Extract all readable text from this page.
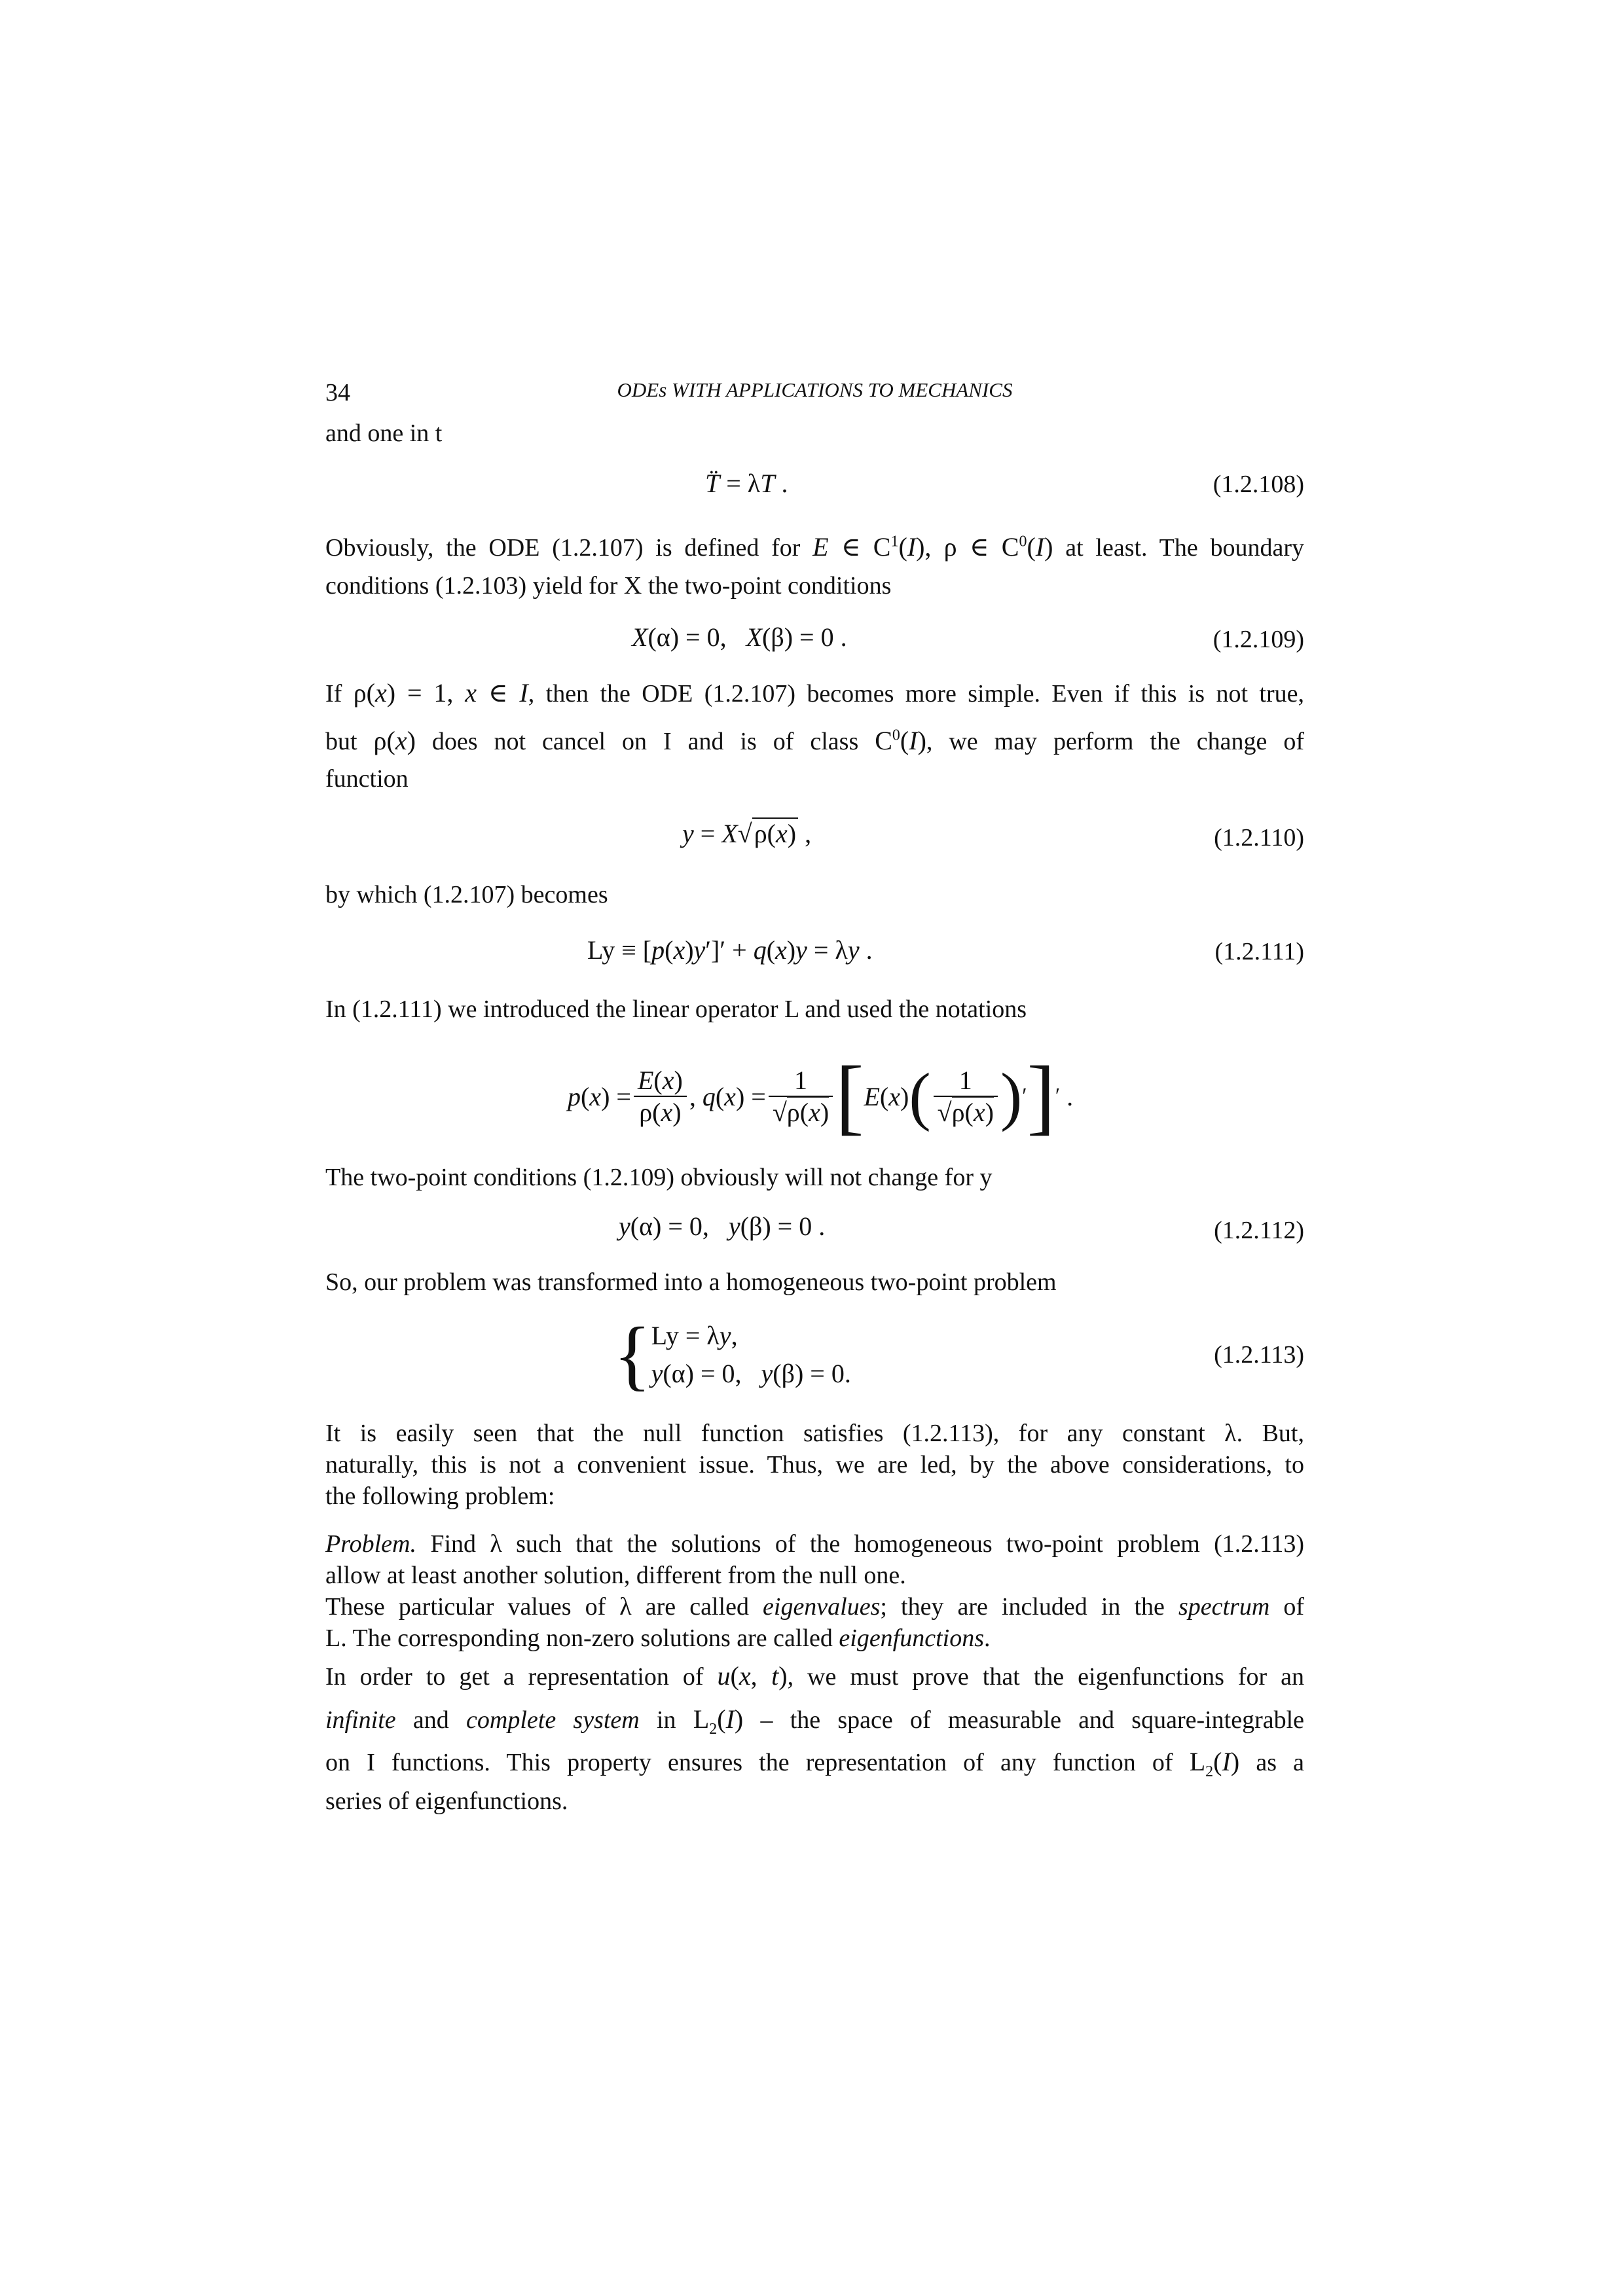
34	ODEs WITH APPLICATIONS TO MECHANICS
and one in t
T̈ = λT .	(1.2.108)
Obviously, the ODE (1.2.107) is defined for E ∈ $C^1(I)$, ρ ∈ $C^0(I)$ at least. The boundary
conditions (1.2.103) yield for X the two-point conditions
X(α) = 0,   X(β) = 0 .	(1.2.109)
If ρ(x) = 1, x ∈ I, then the ODE (1.2.107) becomes more simple. Even if this is not true,
but ρ(x) does not cancel on I and is of class $C^0(I)$, we may perform the change of
function
y = X√ρ(x) ,	(1.2.110)
by which (1.2.107) becomes
Ly ≡ [p(x)y′]′ + q(x)y = λy .	(1.2.111)
In (1.2.111) we introduced the linear operator L and used the notations
$p(x) = \frac{E(x)}{\rho(x)}$ , $q(x) = \frac{1}{√\rho(x)}$ [ E(x) ( $\frac{1}{√\rho(x)}$ ) ′ ] ′ .
The two-point conditions (1.2.109) obviously will not change for y
y(α) = 0,   y(β) = 0 .	(1.2.112)
So, our problem was transformed into a homogeneous two-point problem
{ Ly = λy,
y(α) = 0,   y(β) = 0.
(1.2.113)
It is easily seen that the null function satisfies (1.2.113), for any constant λ. But,
naturally, this is not a convenient issue. Thus, we are led, by the above considerations, to
the following problem:
Problem. Find λ such that the solutions of the homogeneous two-point problem (1.2.113)
allow at least another solution, different from the null one.
These particular values of λ are called eigenvalues; they are included in the spectrum of
L. The corresponding non-zero solutions are called eigenfunctions.
In order to get a representation of u(x, t), we must prove that the eigenfunctions for an
infinite and complete system in $L_2(I)$ – the space of measurable and square-integrable
on I functions. This property ensures the representation of any function of $L_2(I)$ as a
series of eigenfunctions.
